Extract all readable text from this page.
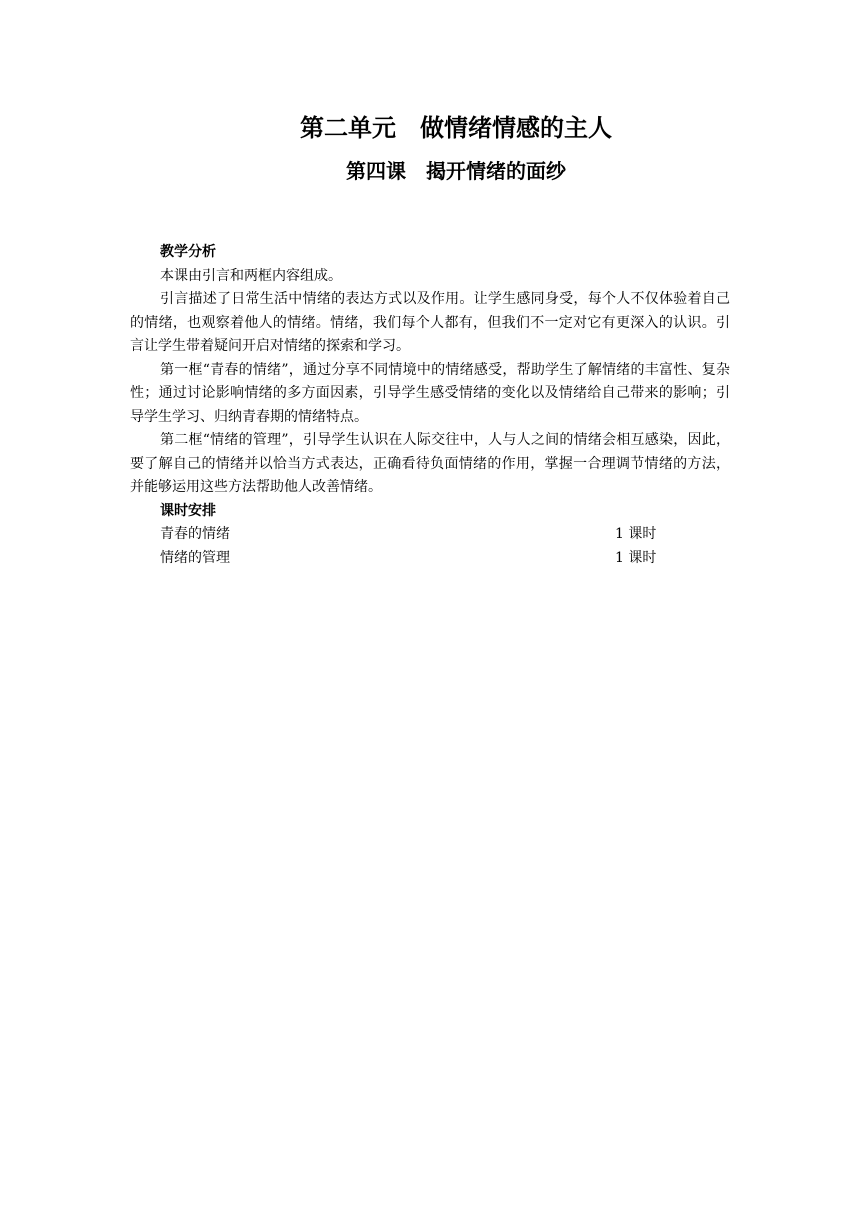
第二单元　做情绪情感的主人
第四课　揭开情绪的面纱
教学分析

本课由引言和两框内容组成。

引言描述了日常生活中情绪的表达方式以及作用。让学生感同身受，每个人不仅体验着自己的情绪，也观察着他人的情绪。情绪，我们每个人都有，但我们不一定对它有更深入的认识。引言让学生带着疑问开启对情绪的探索和学习。

第一框“青春的情绪”，通过分享不同情境中的情绪感受，帮助学生了解情绪的丰富性、复杂性；通过讨论影响情绪的多方面因素，引导学生感受情绪的变化以及情绪给自己带来的影响；引导学生学习、归纳青春期的情绪特点。

第二框“情绪的管理”，引导学生认识在人际交往中，人与人之间的情绪会相互感染，因此，要了解自己的情绪并以恰当方式表达，正确看待负面情绪的作用，掌握一合理调节情绪的方法，并能够运用这些方法帮助他人改善情绪。

课时安排
青春的情绪	1 课时
情绪的管理	1 课时
